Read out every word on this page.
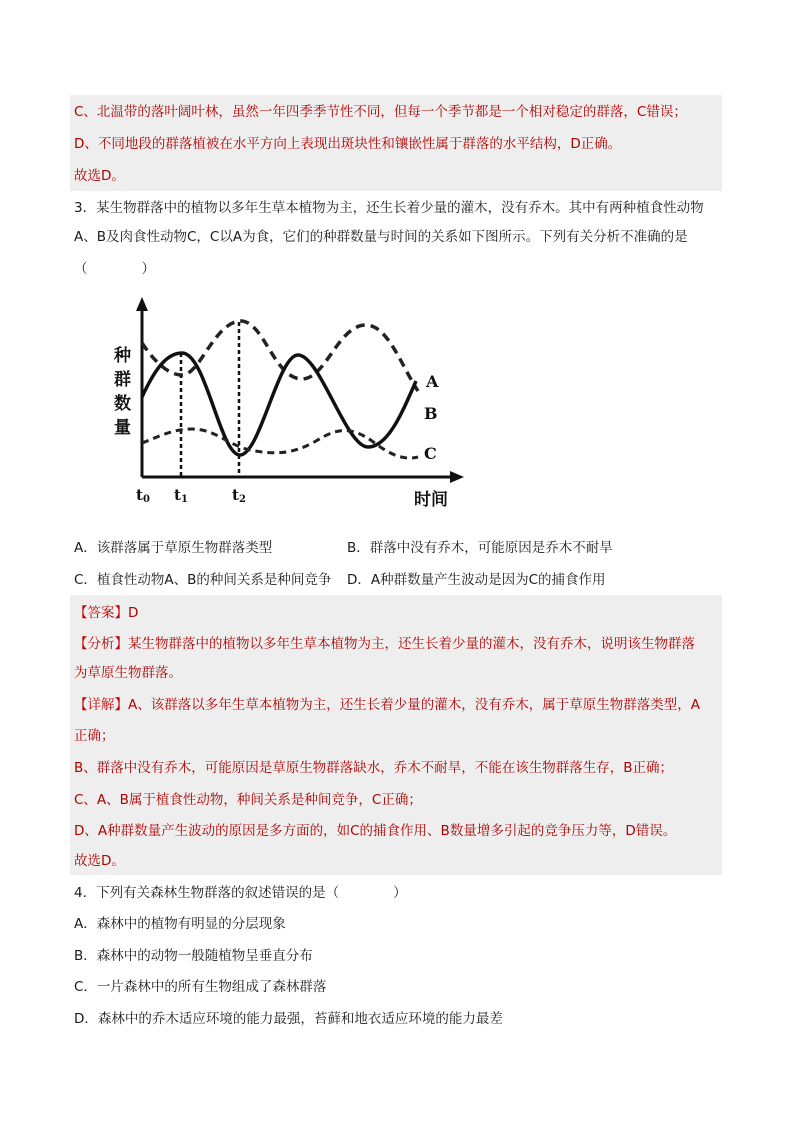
C、北温带的落叶阔叶林，虽然一年四季季节性不同，但每一个季节都是一个相对稳定的群落，C错误；
D、不同地段的群落植被在水平方向上表现出斑块性和镶嵌性属于群落的水平结构，D正确。
故选D。
3．某生物群落中的植物以多年生草本植物为主，还生长着少量的灌木，没有乔木。其中有两种植食性动物
A、B及肉食性动物C，C以A为食，它们的种群数量与时间的关系如下图所示。下列有关分析不准确的是
（　　　　）
种群数量
A
B
C
t0 t1	t2	时间
A．该群落属于草原生物群落类型	B．群落中没有乔木，可能原因是乔木不耐旱
C．植食性动物A、B的种间关系是种间竞争 D．A种群数量产生波动是因为C的捕食作用
【答案】D
【分析】某生物群落中的植物以多年生草本植物为主，还生长着少量的灌木，没有乔木，说明该生物群落
为草原生物群落。
【详解】A、该群落以多年生草本植物为主，还生长着少量的灌木，没有乔木，属于草原生物群落类型，A
正确；
B、群落中没有乔木，可能原因是草原生物群落缺水，乔木不耐旱，不能在该生物群落生存，B正确；
C、A、B属于植食性动物，种间关系是种间竞争，C正确；
D、A种群数量产生波动的原因是多方面的，如C的捕食作用、B数量增多引起的竞争压力等，D错误。
故选D。
4．下列有关森林生物群落的叙述错误的是（　　　　）
A．森林中的植物有明显的分层现象
B．森林中的动物一般随植物呈垂直分布
C．一片森林中的所有生物组成了森林群落
D．森林中的乔木适应环境的能力最强，苔藓和地衣适应环境的能力最差
